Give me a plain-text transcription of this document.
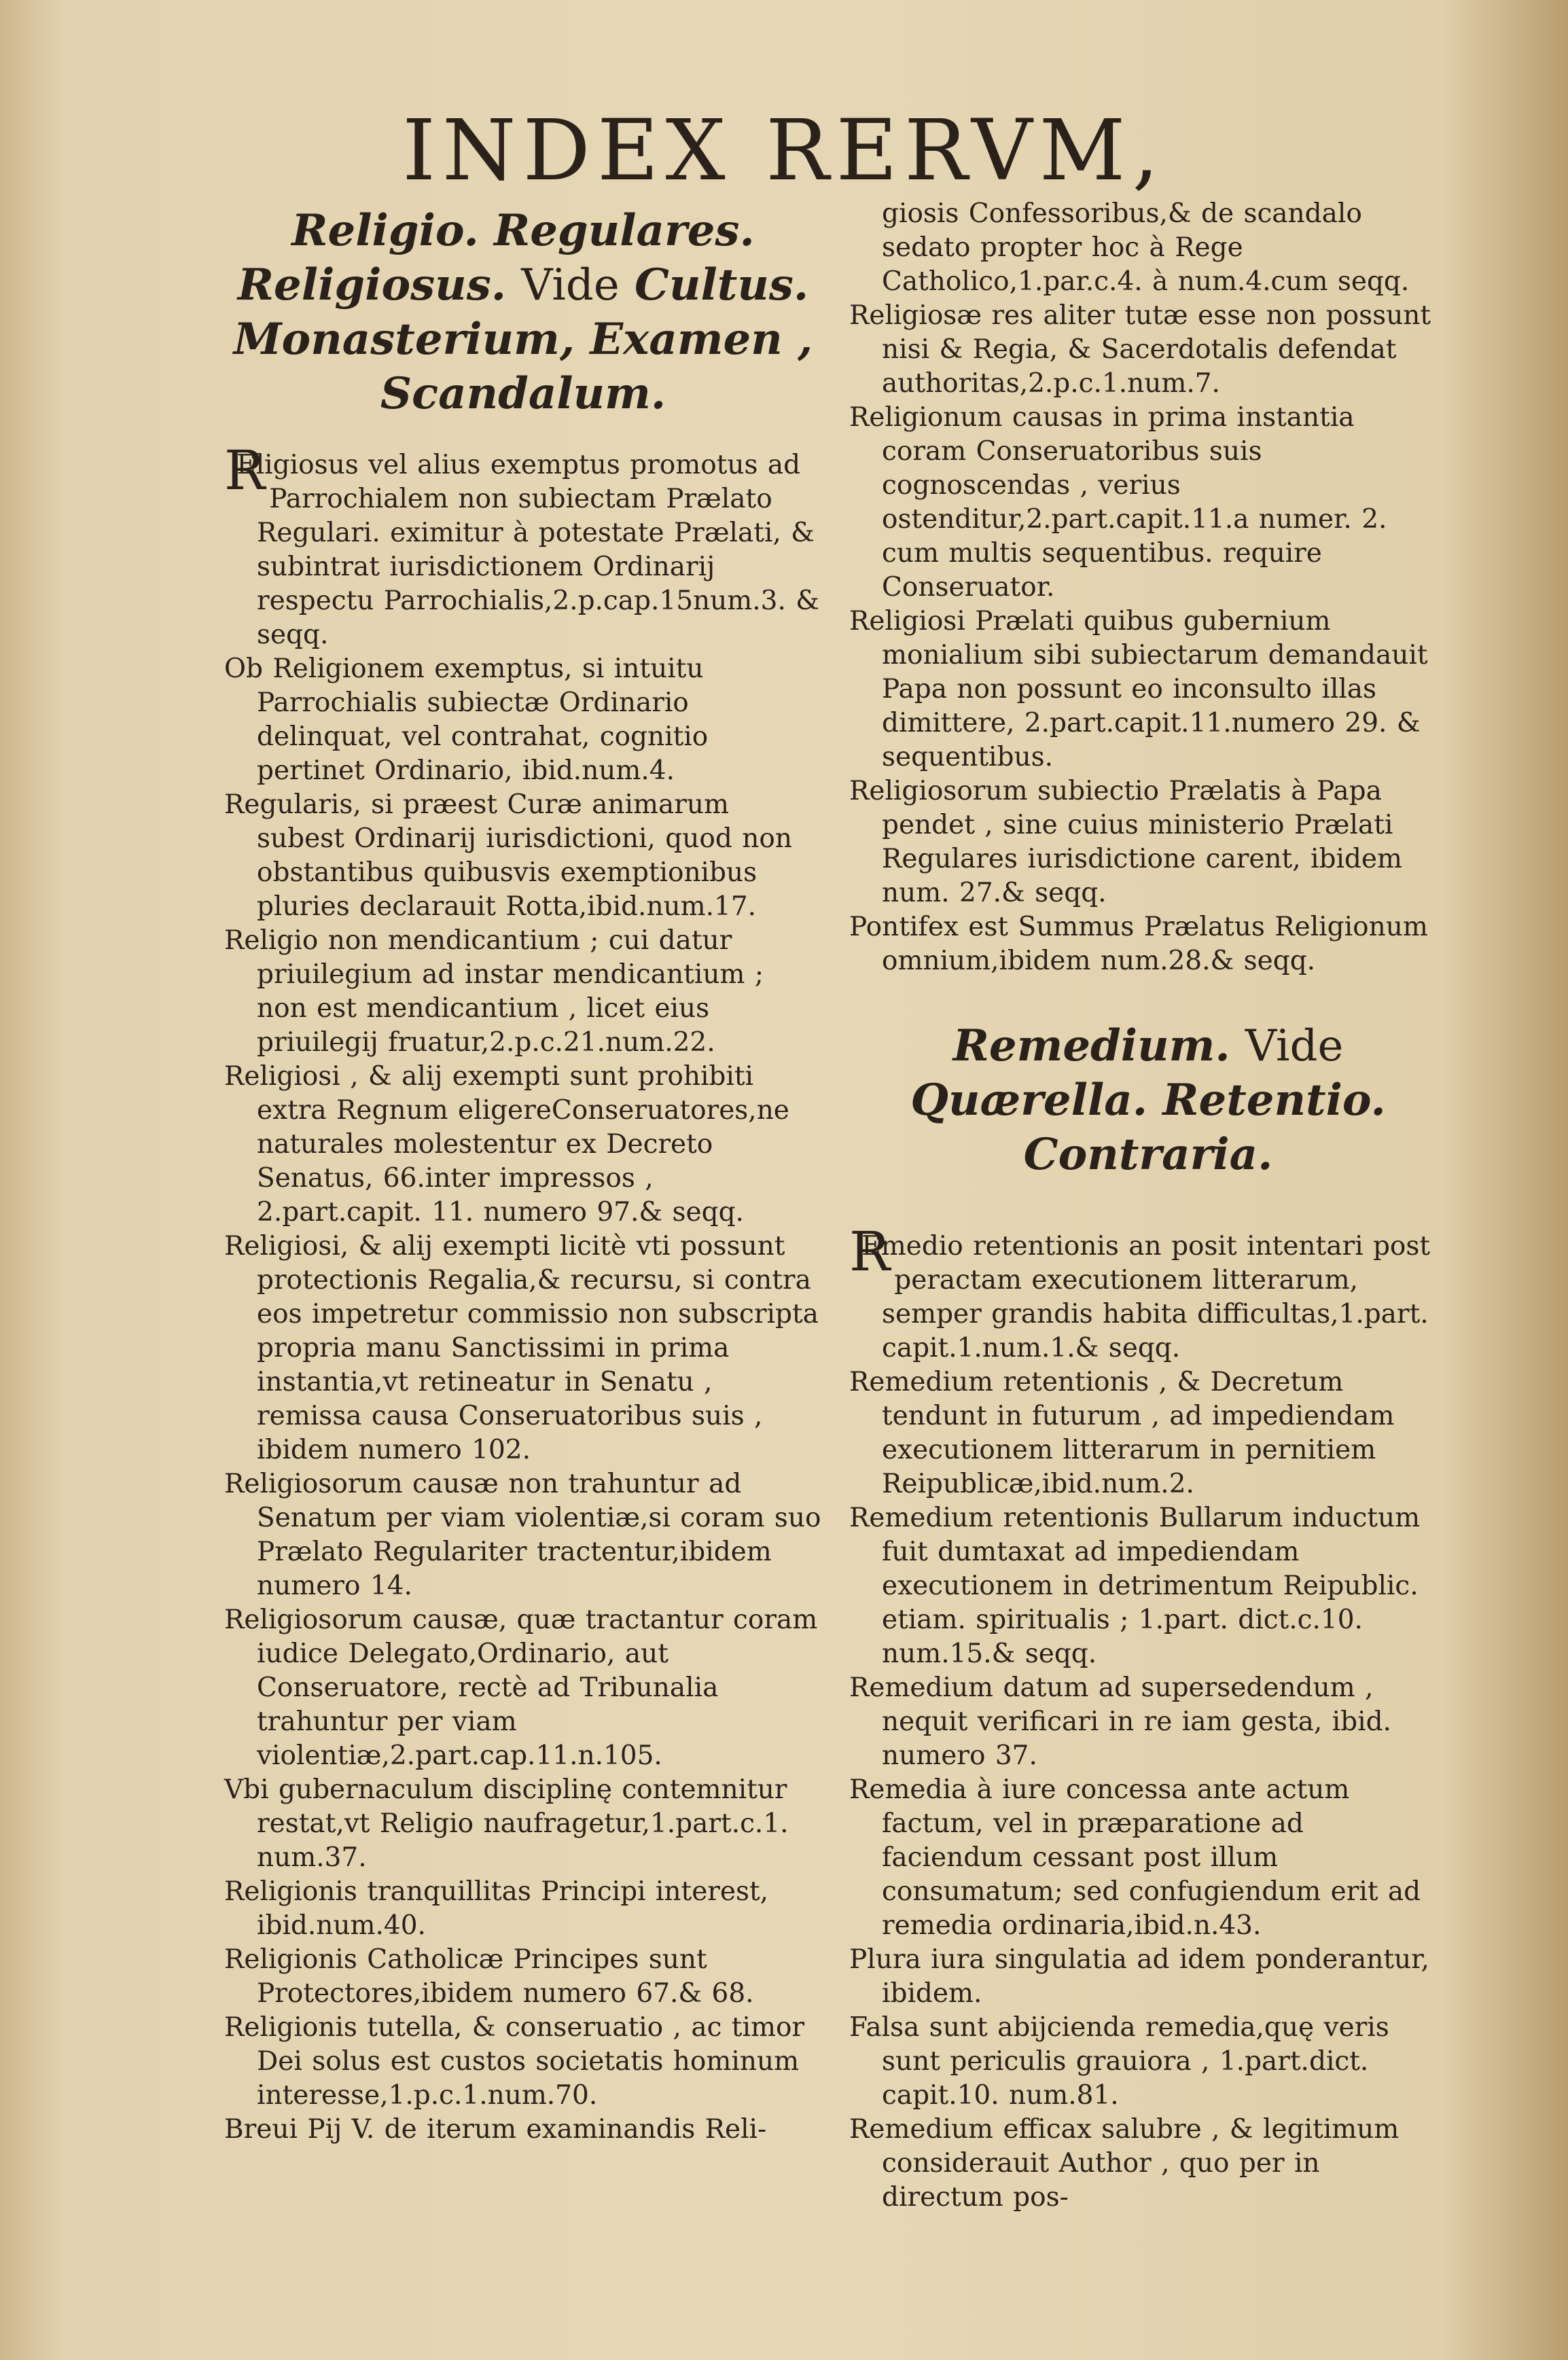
INDEX RERVM,
Religio. Regulares. Religiosus. Vide Cultus. Monasterium, Examen , Scandalum.

REligiosus vel alius exemptus promotus ad Parrochialem non subiectam Prælato Regulari. eximitur à potestate Prælati, & subintrat iurisdictionem Ordinarij respectu Parrochialis,2.p.cap.15num.3. & seqq.

Ob Religionem exemptus, si intuitu Parrochialis subiectæ Ordinario delinquat, vel contrahat, cognitio pertinet Ordinario, ibid.num.4.

Regularis, si præest Curæ animarum subest Ordinarij iurisdictioni, quod non obstantibus quibusvis exemptionibus pluries declarauit Rotta,ibid.num.17.

Religio non mendicantium ; cui datur priuilegium ad instar mendicantium ; non est mendicantium , licet eius priuilegij fruatur,2.p.c.21.num.22.

Religiosi , & alij exempti sunt prohibiti extra Regnum eligereConseruatores,ne naturales molestentur ex Decreto Senatus, 66.inter impressos , 2.part.capit. 11. numero 97.& seqq.

Religiosi, & alij exempti licitè vti possunt protectionis Regalia,& recursu, si contra eos impetretur commissio non subscripta propria manu Sanctissimi in prima instantia,vt retineatur in Senatu , remissa causa Conseruatoribus suis , ibidem numero 102.

Religiosorum causæ non trahuntur ad Senatum per viam violentiæ,si coram suo Prælato Regulariter tractentur,ibidem numero 14.

Religiosorum causæ, quæ tractantur coram iudice Delegato,Ordinario, aut Conseruatore, rectè ad Tribunalia trahuntur per viam violentiæ,2.part.cap.11.n.105.

Vbi gubernaculum disciplinę contemnitur restat,vt Religio naufragetur,1.part.c.1. num.37.

Religionis tranquillitas Principi interest, ibid.num.40.

Religionis Catholicæ Principes sunt Protectores,ibidem numero 67.& 68.

Religionis tutella, & conseruatio , ac timor Dei solus est custos societatis hominum interesse,1.p.c.1.num.70.

Breui Pij V. de iterum examinandis Reli-

giosis Confessoribus,& de scandalo sedato propter hoc à Rege Catholico,1.par.c.4. à num.4.cum seqq.

Religiosæ res aliter tutæ esse non possunt nisi & Regia, & Sacerdotalis defendat authoritas,2.p.c.1.num.7.

Religionum causas in prima instantia coram Conseruatoribus suis cognoscendas , verius ostenditur,2.part.capit.11.a numer. 2. cum multis sequentibus. require Conseruator.

Religiosi Prælati quibus gubernium monialium sibi subiectarum demandauit Papa non possunt eo inconsulto illas dimittere, 2.part.capit.11.numero 29. & sequentibus.

Religiosorum subiectio Prælatis à Papa pendet , sine cuius ministerio Prælati Regulares iurisdictione carent, ibidem num. 27.& seqq.

Pontifex est Summus Prælatus Religionum omnium,ibidem num.28.& seqq.

Remedium. Vide Quærella. Retentio. Contraria.

REmedio retentionis an posit intentari post peractam executionem litterarum, semper grandis habita difficultas,1.part. capit.1.num.1.& seqq.

Remedium retentionis , & Decretum tendunt in futurum , ad impediendam executionem litterarum in pernitiem Reipublicæ,ibid.num.2.

Remedium retentionis Bullarum inductum fuit dumtaxat ad impediendam executionem in detrimentum Reipublic. etiam. spiritualis ; 1.part. dict.c.10. num.15.& seqq.

Remedium datum ad supersedendum , nequit verificari in re iam gesta, ibid. numero 37.

Remedia à iure concessa ante actum factum, vel in præparatione ad faciendum cessant post illum consumatum; sed confugiendum erit ad remedia ordinaria,ibid.n.43.

Plura iura singulatia ad idem ponderantur, ibidem.

Falsa sunt abijcienda remedia,quę veris sunt periculis grauiora , 1.part.dict. capit.10. num.81.

Remedium efficax salubre , & legitimum considerauit Author , quo per in directum pos-
